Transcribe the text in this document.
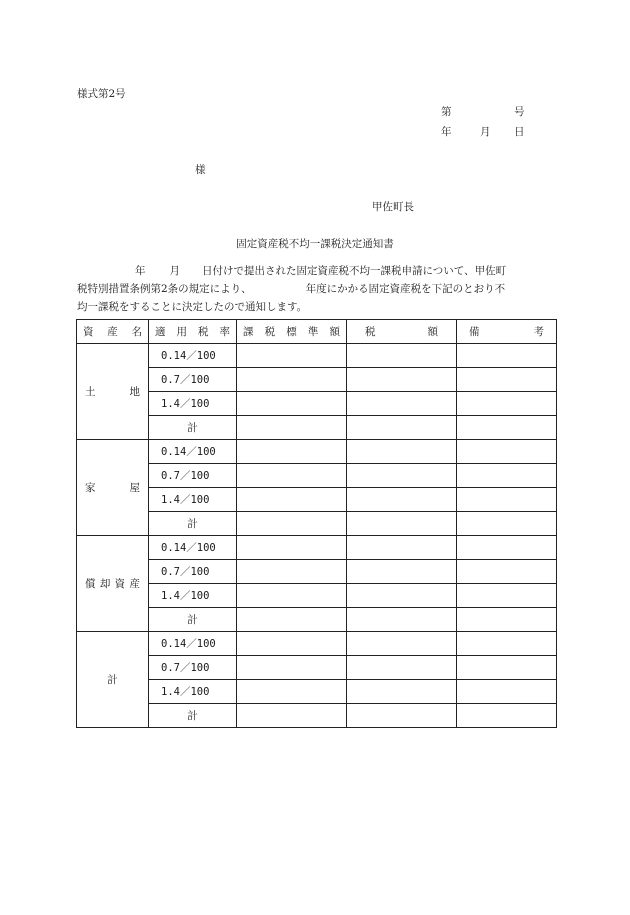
様式第2号
第	号
年	月 日
様
甲佐町長
固定資産税不均一課税決定通知書
年 月 日付けで提出された固定資産税不均一課税申請について、甲佐町
税特別措置条例第2条の規定により、	年度にかかる固定資産税を下記のとおり不
均一課税をすることに決定したので通知します。
資 産 名	適 用 税 率	課 税 標 準 額	税 額	備 考
土 地	0.14／100			
	0.7／100			
	1.4／100			
	計			
家 屋	0.14／100			
	0.7／100			
	1.4／100			
	計			
償 却 資 産	0.14／100			
	0.7／100			
	1.4／100			
	計			
計	0.14／100			
	0.7／100			
	1.4／100			
	計			
